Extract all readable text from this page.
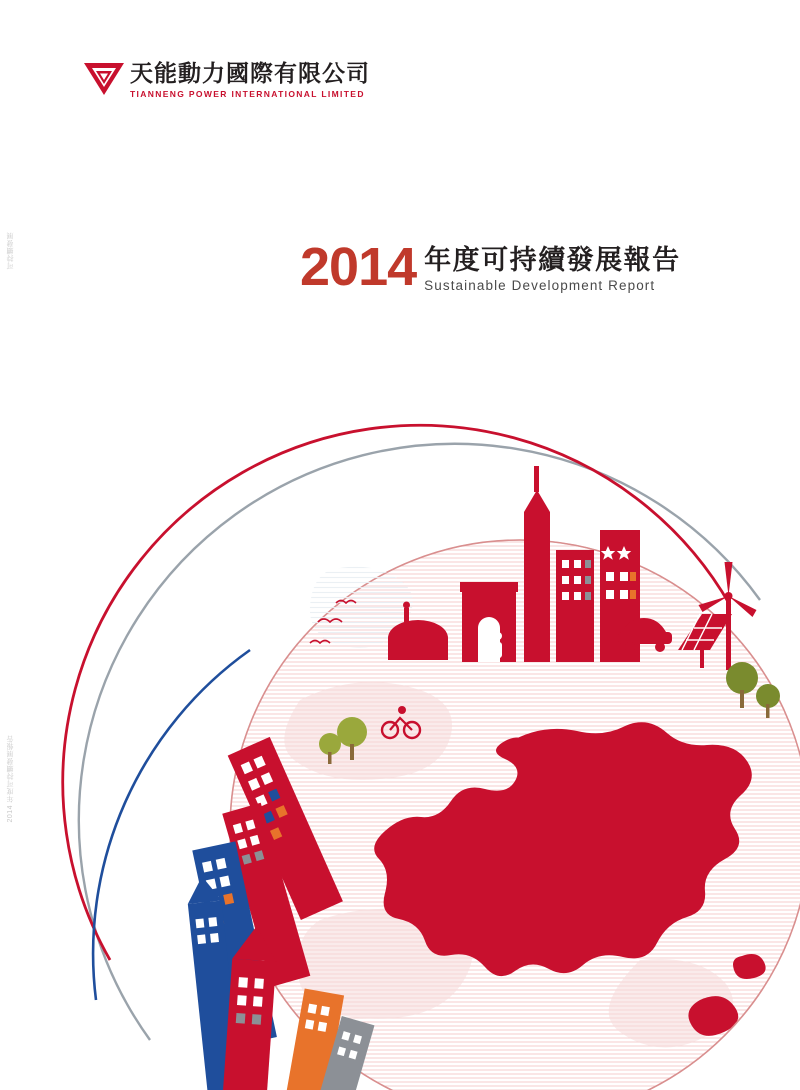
天能動力國際有限公司
TIANNENG POWER INTERNATIONAL LIMITED
可持續發展
2014 年度可持續發展報告
2014 年度可持續發展報告
Sustainable Development Report
